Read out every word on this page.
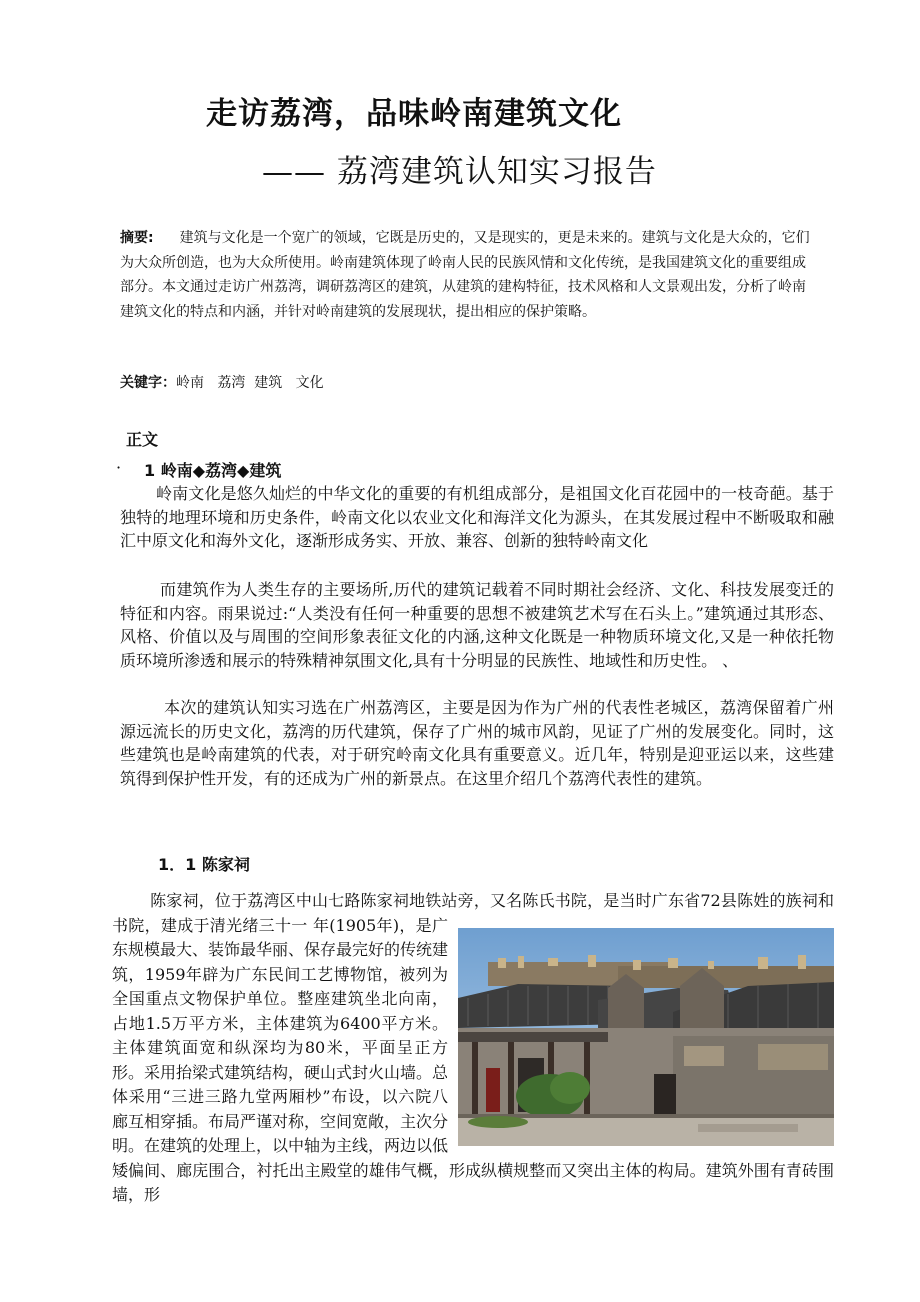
走访荔湾，品味岭南建筑文化
—— 荔湾建筑认知实习报告
摘要: 建筑与文化是一个宽广的领域，它既是历史的，又是现实的，更是未来的。建筑与文化是大众的，它们为大众所创造，也为大众所使用。岭南建筑体现了岭南人民的民族风情和文化传统，是我国建筑文化的重要组成部分。本文通过走访广州荔湾，调研荔湾区的建筑，从建筑的建构特征，技术风格和人文景观出发，分析了岭南建筑文化的特点和内涵，并针对岭南建筑的发展现状，提出相应的保护策略。
关键字：岭南   荔湾  建筑   文化
正文

·

1 岭南◆荔湾◆建筑

岭南文化是悠久灿烂的中华文化的重要的有机组成部分，是祖国文化百花园中的一枝奇葩。基于独特的地理环境和历史条件，岭南文化以农业文化和海洋文化为源头，在其发展过程中不断吸取和融汇中原文化和海外文化，逐渐形成务实、开放、兼容、创新的独特岭南文化
而建筑作为人类生存的主要场所,历代的建筑记载着不同时期社会经济、文化、科技发展变迁的特征和内容。雨果说过:“人类没有任何一种重要的思想不被建筑艺术写在石头上。”建筑通过其形态、风格、价值以及与周围的空间形象表征文化的内涵,这种文化既是一种物质环境文化,又是一种依托物质环境所渗透和展示的特殊精神氛围文化,具有十分明显的民族性、地域性和历史性。 、
本次的建筑认知实习选在广州荔湾区，主要是因为作为广州的代表性老城区，荔湾保留着广州源远流长的历史文化，荔湾的历代建筑，保存了广州的城市风韵，见证了广州的发展变化。同时，这些建筑也是岭南建筑的代表，对于研究岭南文化具有重要意义。近几年，特别是迎亚运以来，这些建筑得到保护性开发，有的还成为广州的新景点。在这里介绍几个荔湾代表性的建筑。
1．1 陈家祠
陈家祠，位于荔湾区中山七路陈家祠地铁站旁，又名陈氏书院，是当时广东省72县陈姓的族祠和书院，建成于清光绪三十一 年(1905年)，是广东规模最大、装饰最华丽、保存最完好的传统建筑，1959年辟为广东民间工艺博物馆，被列为全国重点文物保护单位。整座建筑坐北向南， 占地1.5万平方米，主体建筑为6400平方米。主体建筑面宽和纵深均为80米，平面呈正方形。采用抬梁式建筑结构，硬山式封火山墙。总体采用“三进三路九堂两厢杪”布设，以六院八廊互相穿插。布局严谨对称，空间宽敞，主次分明。在建筑的处理上，以中轴为主线，两边以低矮偏间、廊庑围合，衬托出主殿堂的雄伟气概，形成纵横规整而又突出主体的构局。建筑外围有青砖围墙，形
